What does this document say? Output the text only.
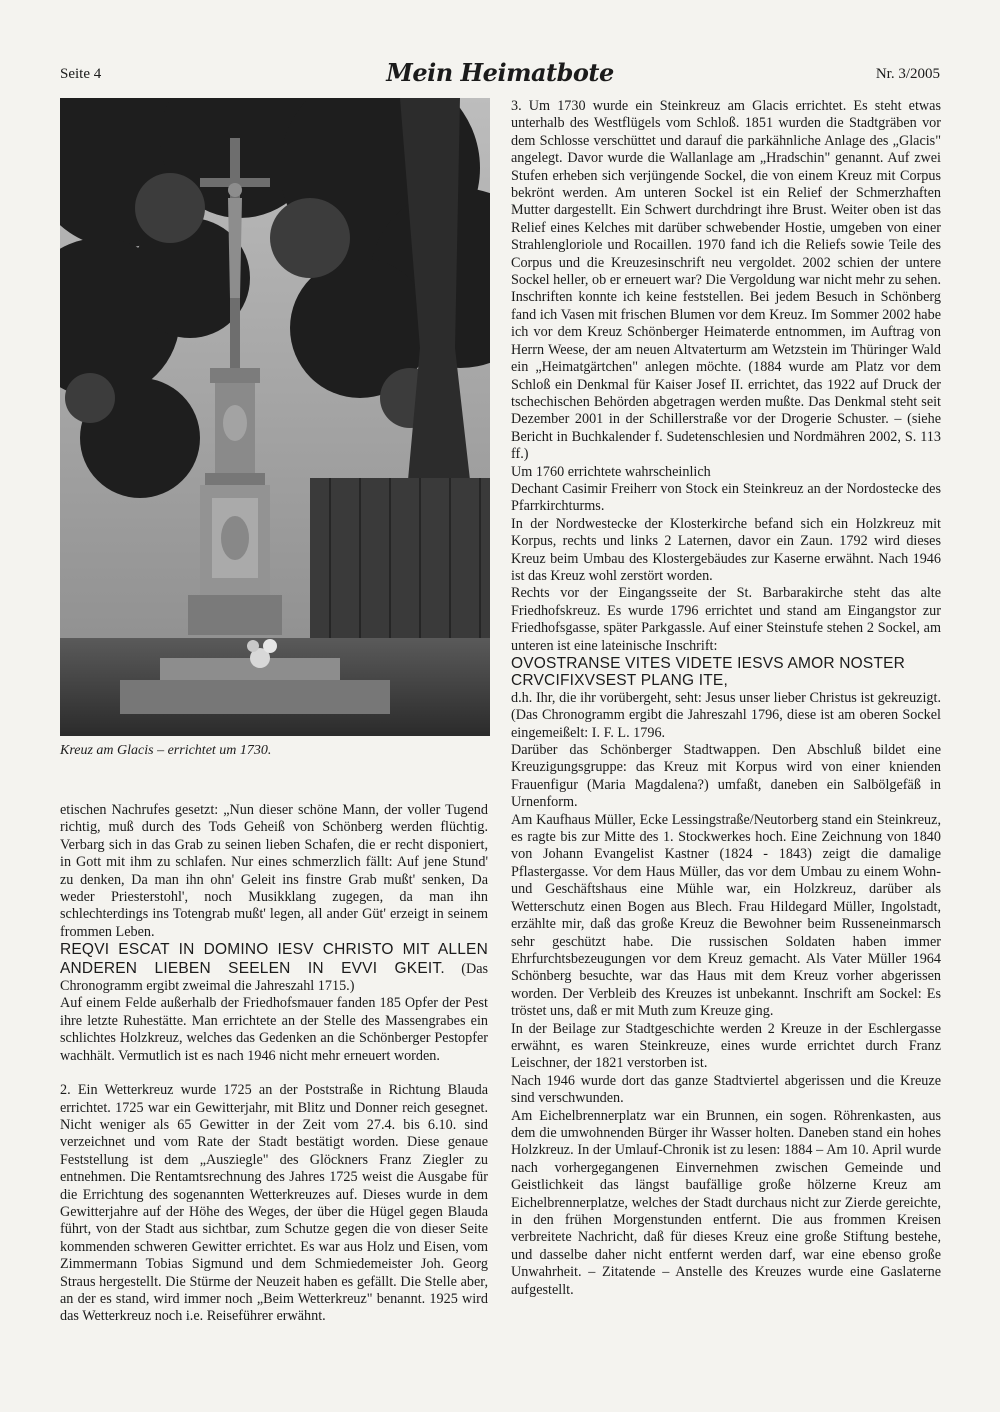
Seite 4	Mein Heimatbote	Nr. 3/2005
Kreuz am Glacis – errichtet um 1730.

etischen Nachrufes gesetzt: „Nun dieser schöne Mann, der voller Tugend richtig, muß durch des Tods Geheiß von Schönberg werden flüchtig. Verbarg sich in das Grab zu seinen lieben Schafen, die er recht disponiert, in Gott mit ihm zu schlafen. Nur eines schmerzlich fällt: Auf jene Stund' zu denken, Da man ihn ohn' Geleit ins finstre Grab mußt' senken, Da weder Priesterstohl', noch Musikklang zugegen, da man ihn schlechterdings ins Totengrab mußt' legen, all ander Güt' erzeigt in seinem frommen Leben.

REQVI ESCAT IN DOMINO IESV CHRISTO MIT ALLEN ANDEREN LIEBEN SEELEN IN EVVI GKEIT. (Das Chronogramm ergibt zweimal die Jahreszahl 1715.)

Auf einem Felde außerhalb der Friedhofsmauer fanden 185 Opfer der Pest ihre letzte Ruhestätte. Man errichtete an der Stelle des Massengrabes ein schlichtes Holzkreuz, welches das Gedenken an die Schönberger Pestopfer wachhält. Vermutlich ist es nach 1946 nicht mehr erneuert worden.

2. Ein Wetterkreuz wurde 1725 an der Poststraße in Richtung Blauda errichtet. 1725 war ein Gewitterjahr, mit Blitz und Donner reich gesegnet. Nicht weniger als 65 Gewitter in der Zeit vom 27.4. bis 6.10. sind verzeichnet und vom Rate der Stadt bestätigt worden. Diese genaue Feststellung ist dem „Ausziegle" des Glöckners Franz Ziegler zu entnehmen. Die Rentamtsrechnung des Jahres 1725 weist die Ausgabe für die Errichtung des sogenannten Wetterkreuzes auf. Dieses wurde in dem Gewitterjahre auf der Höhe des Weges, der über die Hügel gegen Blauda führt, von der Stadt aus sichtbar, zum Schutze gegen die von dieser Seite kommenden schweren Gewitter errichtet. Es war aus Holz und Eisen, vom Zimmermann Tobias Sigmund und dem Schmiedemeister Joh. Georg Straus hergestellt. Die Stürme der Neuzeit haben es gefällt. Die Stelle aber, an der es stand, wird immer noch „Beim Wetterkreuz" benannt. 1925 wird das Wetterkreuz noch i.e. Reiseführer erwähnt.

3. Um 1730 wurde ein Steinkreuz am Glacis errichtet. Es steht etwas unterhalb des Westflügels vom Schloß. 1851 wurden die Stadtgräben vor dem Schlosse verschüttet und darauf die parkähnliche Anlage des „Glacis" angelegt. Davor wurde die Wallanlage am „Hradschin" genannt. Auf zwei Stufen erheben sich verjüngende Sockel, die von einem Kreuz mit Corpus bekrönt werden. Am unteren Sockel ist ein Relief der Schmerzhaften Mutter dargestellt. Ein Schwert durchdringt ihre Brust. Weiter oben ist das Relief eines Kelches mit darüber schwebender Hostie, umgeben von einer Strahlengloriole und Rocaillen. 1970 fand ich die Reliefs sowie Teile des Corpus und die Kreuzesinschrift neu vergoldet. 2002 schien der untere Sockel heller, ob er erneuert war? Die Vergoldung war nicht mehr zu sehen. Inschriften konnte ich keine feststellen. Bei jedem Besuch in Schönberg fand ich Vasen mit frischen Blumen vor dem Kreuz. Im Sommer 2002 habe ich vor dem Kreuz Schönberger Heimaterde entnommen, im Auftrag von Herrn Weese, der am neuen Altvaterturm am Wetzstein im Thüringer Wald ein „Heimatgärtchen" anlegen möchte. (1884 wurde am Platz vor dem Schloß ein Denkmal für Kaiser Josef II. errichtet, das 1922 auf Druck der tschechischen Behörden abgetragen werden mußte. Das Denkmal steht seit Dezember 2001 in der Schillerstraße vor der Drogerie Schuster. – (siehe Bericht in Buchkalender f. Sudetenschlesien und Nordmähren 2002, S. 113 ff.)

Um 1760 errichtete wahrscheinlich

Dechant Casimir Freiherr von Stock ein Steinkreuz an der Nordostecke des Pfarrkirchturms.

In der Nordwestecke der Klosterkirche befand sich ein Holzkreuz mit Korpus, rechts und links 2 Laternen, davor ein Zaun. 1792 wird dieses Kreuz beim Umbau des Klostergebäudes zur Kaserne erwähnt. Nach 1946 ist das Kreuz wohl zerstört worden.

Rechts vor der Eingangsseite der St. Barbarakirche steht das alte Friedhofskreuz. Es wurde 1796 errichtet und stand am Eingangstor zur Friedhofsgasse, später Parkgassle. Auf einer Steinstufe stehen 2 Sockel, am unteren ist eine lateinische Inschrift:

OVOSTRANSE VITES VIDETE IESVS AMOR NOSTER CRVCIFIXVSEST PLANG ITE,

d.h. Ihr, die ihr vorübergeht, seht: Jesus unser lieber Christus ist gekreuzigt. (Das Chronogramm ergibt die Jahreszahl 1796, diese ist am oberen Sockel eingemeißelt: I. F. L. 1796.

Darüber das Schönberger Stadtwappen. Den Abschluß bildet eine Kreuzigungsgruppe: das Kreuz mit Korpus wird von einer knienden Frauenfigur (Maria Magdalena?) umfaßt, daneben ein Salbölgefäß in Urnenform.

Am Kaufhaus Müller, Ecke Lessingstraße/Neutorberg stand ein Steinkreuz, es ragte bis zur Mitte des 1. Stockwerkes hoch. Eine Zeichnung von 1840 von Johann Evangelist Kastner (1824 - 1843) zeigt die damalige Pflastergasse. Vor dem Haus Müller, das vor dem Umbau zu einem Wohn- und Geschäftshaus eine Mühle war, ein Holzkreuz, darüber als Wetterschutz einen Bogen aus Blech. Frau Hildegard Müller, Ingolstadt, erzählte mir, daß das große Kreuz die Bewohner beim Russeneinmarsch sehr geschützt habe. Die russischen Soldaten haben immer Ehrfurchtsbezeugungen vor dem Kreuz gemacht. Als Vater Müller 1964 Schönberg besuchte, war das Haus mit dem Kreuz vorher abgerissen worden. Der Verbleib des Kreuzes ist unbekannt. Inschrift am Sockel: Es tröstet uns, daß er mit Muth zum Kreuze ging.

In der Beilage zur Stadtgeschichte werden 2 Kreuze in der Eschlergasse erwähnt, es waren Steinkreuze, eines wurde errichtet durch Franz Leischner, der 1821 verstorben ist.

Nach 1946 wurde dort das ganze Stadtviertel abgerissen und die Kreuze sind verschwunden.

Am Eichelbrennerplatz war ein Brunnen, ein sogen. Röhrenkasten, aus dem die umwohnenden Bürger ihr Wasser holten. Daneben stand ein hohes Holzkreuz. In der Umlauf-Chronik ist zu lesen: 1884 – Am 10. April wurde nach vorhergegangenen Einvernehmen zwischen Gemeinde und Geistlichkeit das längst baufällige große hölzerne Kreuz am Eichelbrennerplatze, welches der Stadt durchaus nicht zur Zierde gereichte, in den frühen Morgenstunden entfernt. Die aus frommen Kreisen verbreitete Nachricht, daß für dieses Kreuz eine große Stiftung bestehe, und dasselbe daher nicht entfernt werden darf, war eine ebenso große Unwahrheit. – Zitatende – Anstelle des Kreuzes wurde eine Gaslaterne aufgestellt.
